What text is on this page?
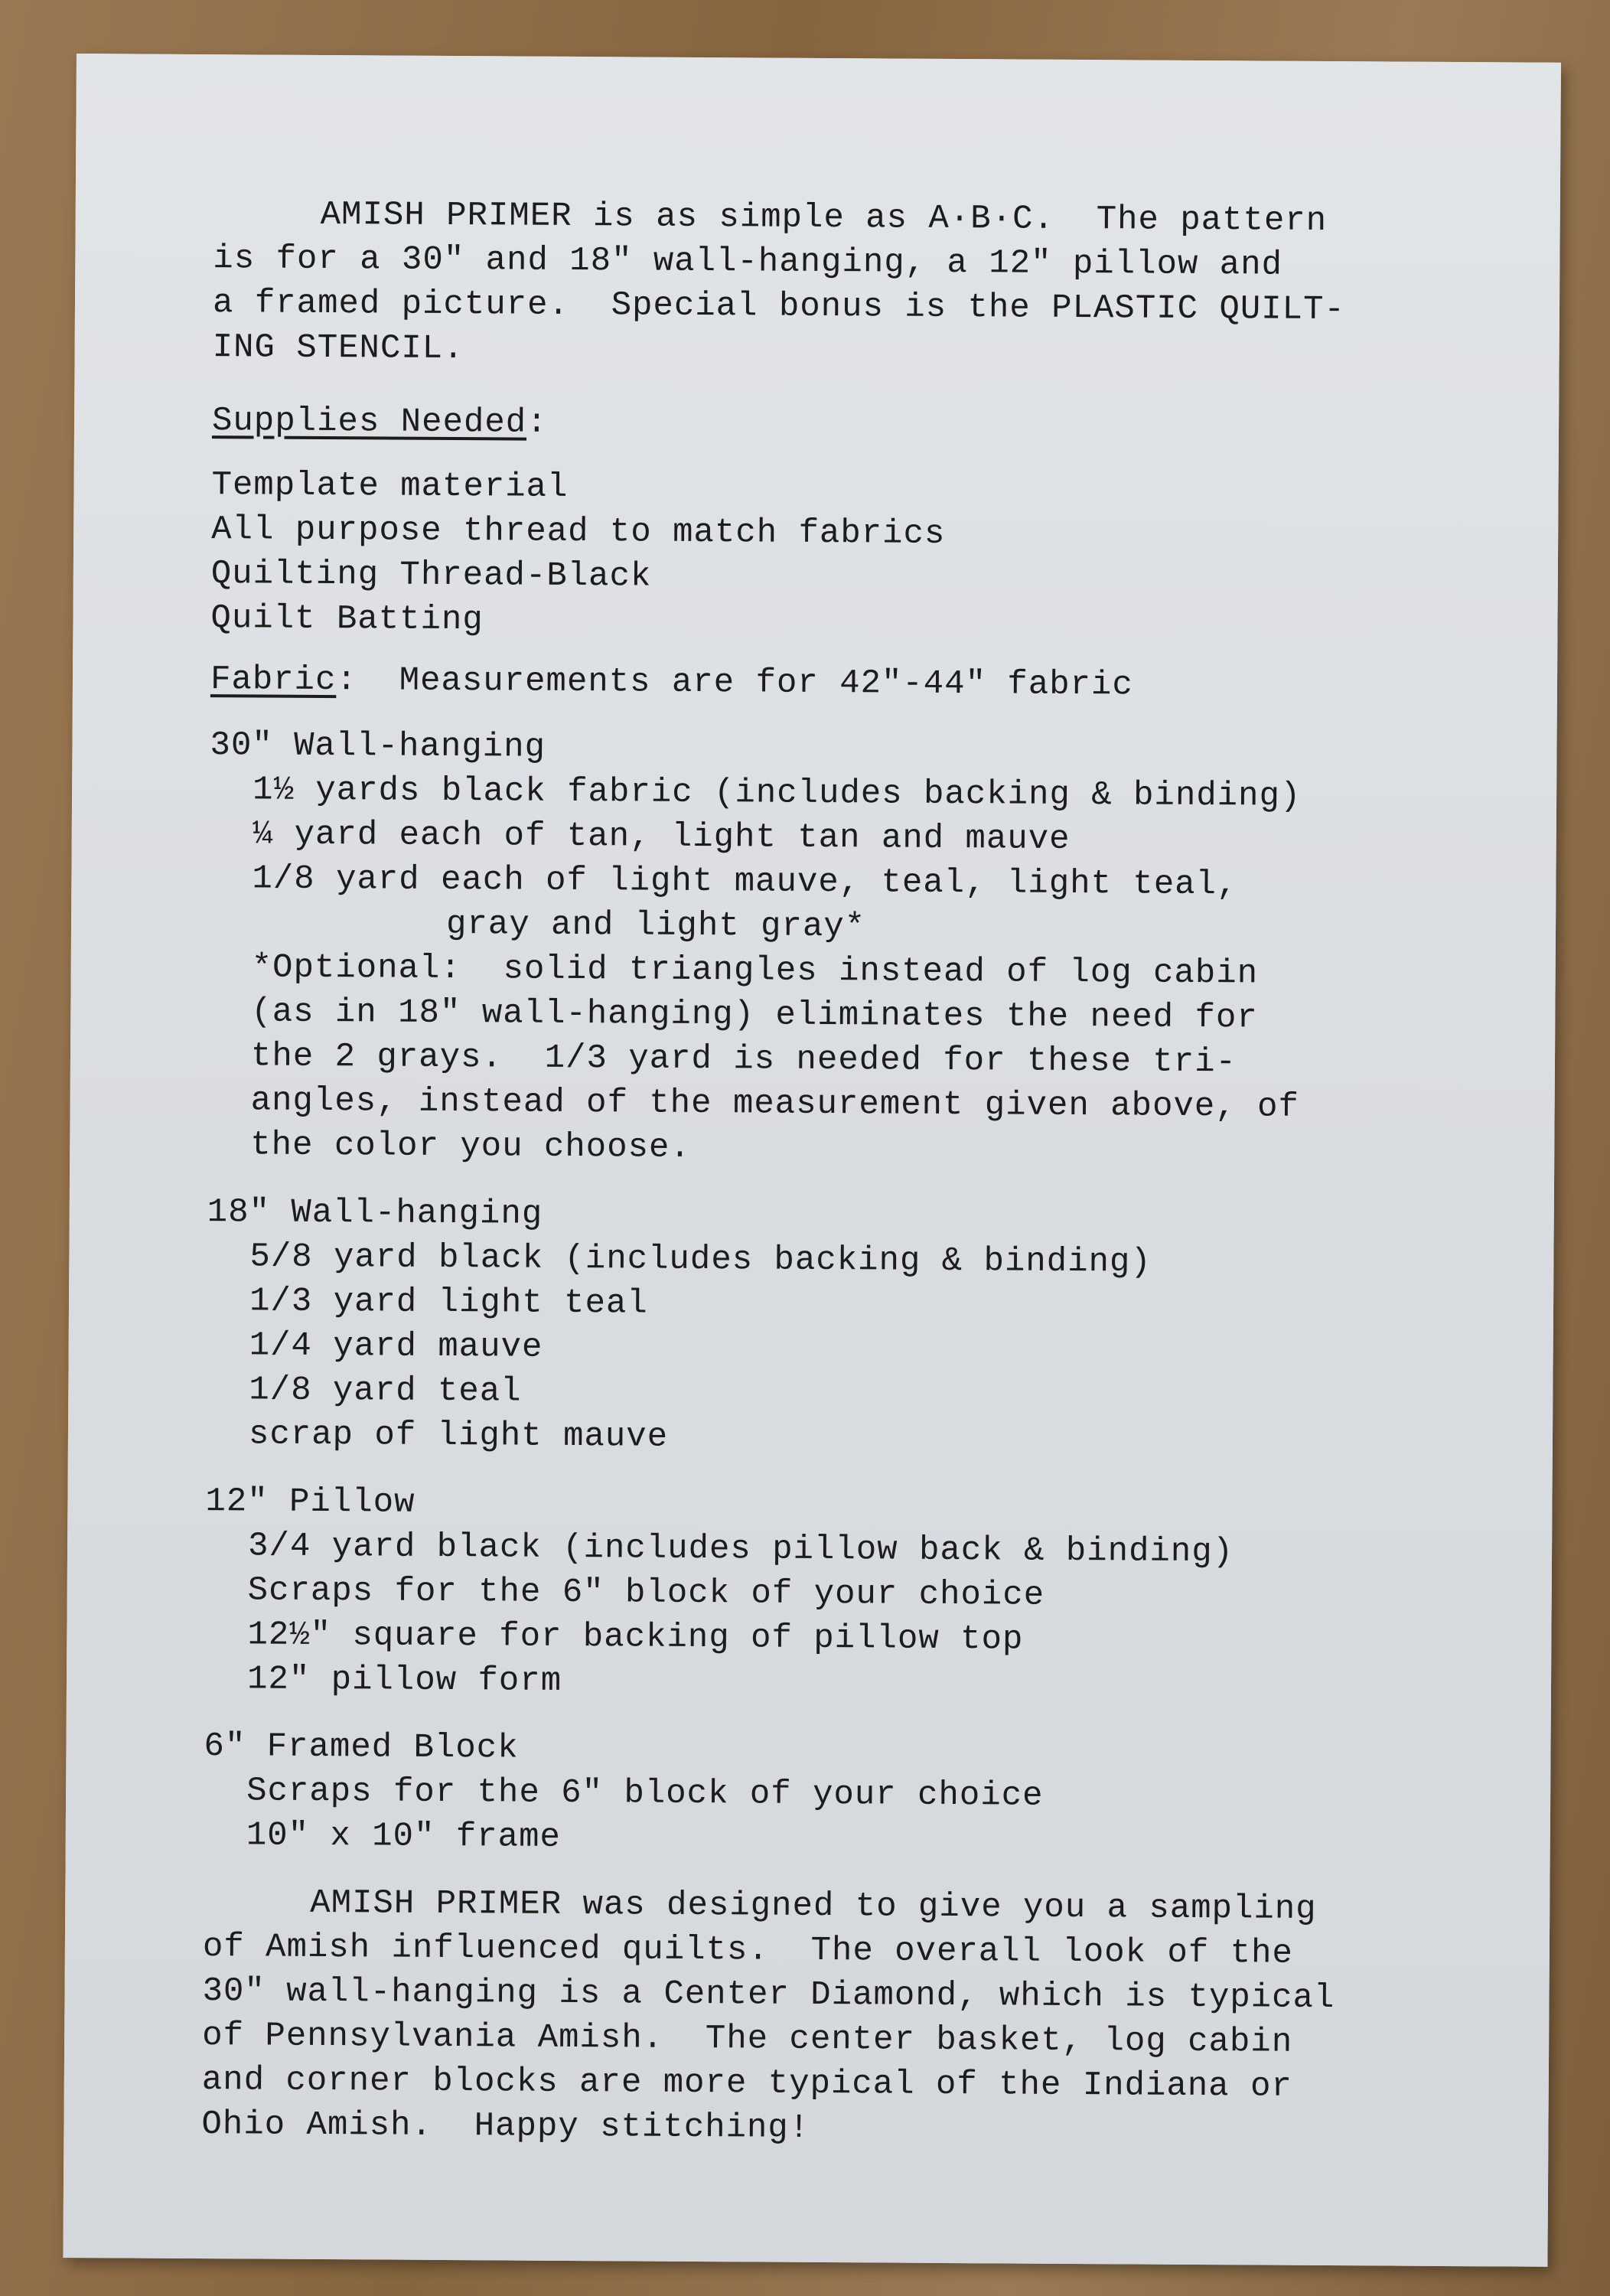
AMISH PRIMER is as simple as A·B·C.  The pattern

is for a 30" and 18" wall-hanging, a 12" pillow and

a framed picture.  Special bonus is the PLASTIC QUILT-

ING STENCIL.

Supplies Needed:

Template material

All purpose thread to match fabrics

Quilting Thread-Black

Quilt Batting

Fabric:  Measurements are for 42"-44" fabric

30" Wall-hanging

1½ yards black fabric (includes backing & binding)

¼ yard each of tan, light tan and mauve

1/8 yard each of light mauve, teal, light teal,

gray and light gray*

*Optional:  solid triangles instead of log cabin

(as in 18" wall-hanging) eliminates the need for

the 2 grays.  1/3 yard is needed for these tri-

angles, instead of the measurement given above, of

the color you choose.

18" Wall-hanging

5/8 yard black (includes backing & binding)

1/3 yard light teal

1/4 yard mauve

1/8 yard teal

scrap of light mauve

12" Pillow

3/4 yard black (includes pillow back & binding)

Scraps for the 6" block of your choice

12½" square for backing of pillow top

12" pillow form

6" Framed Block

Scraps for the 6" block of your choice

10" x 10" frame

AMISH PRIMER was designed to give you a sampling

of Amish influenced quilts.  The overall look of the

30" wall-hanging is a Center Diamond, which is typical

of Pennsylvania Amish.  The center basket, log cabin

and corner blocks are more typical of the Indiana or

Ohio Amish.  Happy stitching!
